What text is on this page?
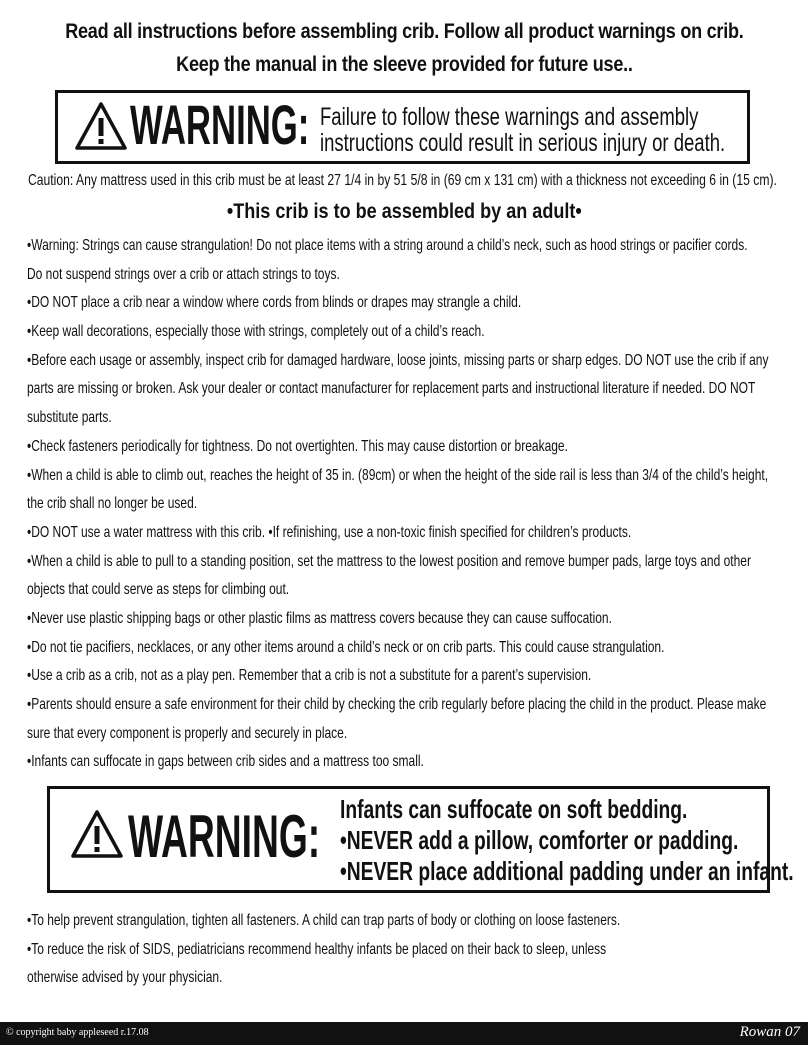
Read all instructions before assembling crib. Follow all product warnings on crib.
Keep the manual in the sleeve provided for future use..
WARNING: Failure to follow these warnings and assembly
instructions could result in serious injury or death.
Caution: Any mattress used in this crib must be at least 27 1/4 in by 51 5/8 in (69 cm x 131 cm) with a thickness not exceeding 6 in (15 cm).
•This crib is to be assembled by an adult•
•Warning: Strings can cause strangulation! Do not place items with a string around a child’s neck, such as hood strings or pacifier cords.
Do not suspend strings over a crib or attach strings to toys.
•DO NOT place a crib near a window where cords from blinds or drapes may strangle a child.
•Keep wall decorations, especially those with strings, completely out of a child’s reach.
•Before each usage or assembly, inspect crib for damaged hardware, loose joints, missing parts or sharp edges. DO NOT use the crib if any
parts are missing or broken. Ask your dealer or contact manufacturer for replacement parts and instructional literature if needed. DO NOT
substitute parts.
•Check fasteners periodically for tightness. Do not overtighten. This may cause distortion or breakage.
•When a child is able to climb out, reaches the height of 35 in. (89cm) or when the height of the side rail is less than 3/4 of the child’s height,
the crib shall no longer be used.
•DO NOT use a water mattress with this crib. •If refinishing, use a non-toxic finish specified for children’s products.
•When a child is able to pull to a standing position, set the mattress to the lowest position and remove bumper pads, large toys and other
objects that could serve as steps for climbing out.
•Never use plastic shipping bags or other plastic films as mattress covers because they can cause suffocation.
•Do not tie pacifiers, necklaces, or any other items around a child’s neck or on crib parts. This could cause strangulation.
•Use a crib as a crib, not as a play pen. Remember that a crib is not a substitute for a parent’s supervision.
•Parents should ensure a safe environment for their child by checking the crib regularly before placing the child in the product. Please make
sure that every component is properly and securely in place.
•Infants can suffocate in gaps between crib sides and a mattress too small.
WARNING: Infants can suffocate on soft bedding.
•NEVER add a pillow, comforter or padding.
•NEVER place additional padding under an infant.
•To help prevent strangulation, tighten all fasteners. A child can trap parts of body or clothing on loose fasteners.
•To reduce the risk of SIDS, pediatricians recommend healthy infants be placed on their back to sleep, unless
otherwise advised by your physician.
© copyright baby appleseed r.17.08	Rowan 07
